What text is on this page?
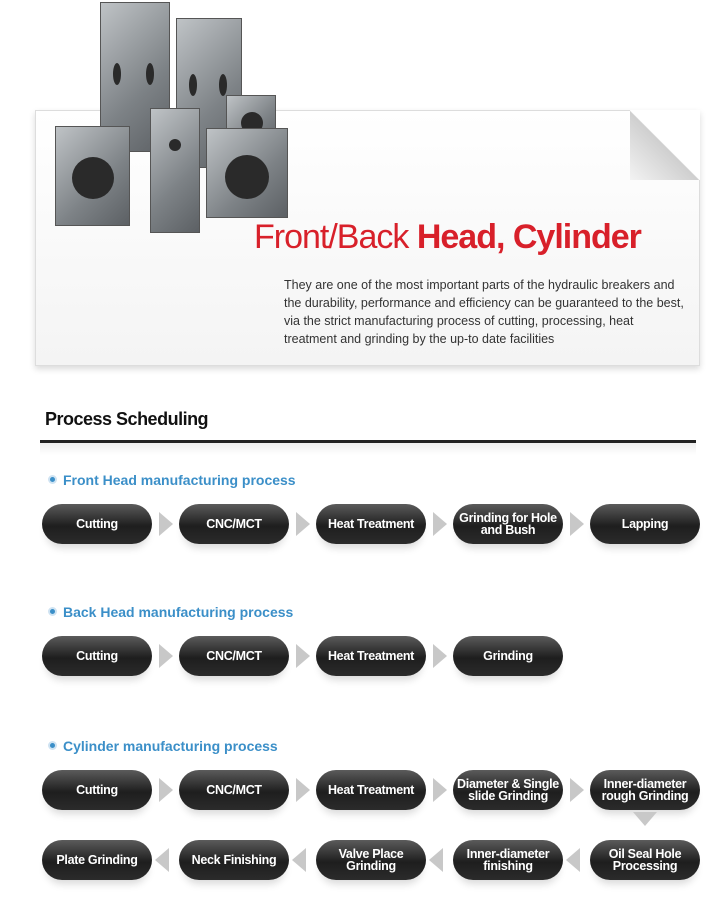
Front/Back Head, Cylinder
They are one of the most important parts of the hydraulic breakers and the durability, performance and efficiency can be guaranteed to the best, via the strict manufacturing process of cutting, processing, heat treatment and grinding by the up-to date facilities
Process Scheduling
Front Head manufacturing process
Back Head manufacturing process
Cylinder manufacturing process
Cutting	CNC/MCT	Heat Treatment	Grinding for Hole and Bush	Lapping
Cutting	CNC/MCT	Heat Treatment	Grinding
Cutting	CNC/MCT	Heat Treatment	Diameter & Single slide Grinding
Inner-diameter rough Grinding
Oil Seal Hole Processing
Inner-diameter finishing
Valve Place Grinding
Neck Finishing
Plate Grinding
